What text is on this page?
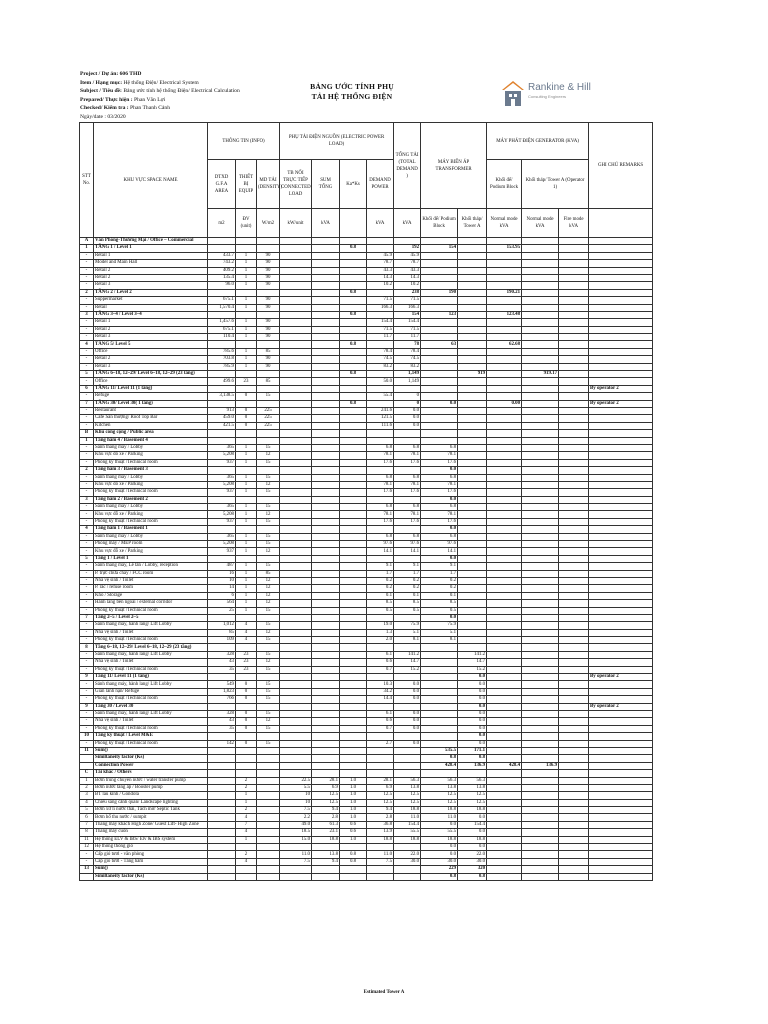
Project / Dự án: 606 THD
Item / Hạng mục: Hệ thống Điện/ Electrical System
Subject / Tiêu đề: Bảng ước tính hệ thống Điện/ Electrical Calculation
Prepared/ Thực hiện : Phan Văn Lợi
Checked/ Kiểm tra : Phan Thanh Cảnh
Ngày/date : 03/2020
BẢNG ƯỚC TÍNH PHỤ
TẢI HỆ THỐNG ĐIỆN
Rankine & Hill
Consulting Engineers
STT No.	KHU VỰC SPACE NAME	THÔNG TIN (INFO)			PHỤ TẢI ĐIỆN NGUỒN (ELECTRIC POWER LOAD)				TỔNG TẢI (TOTAL DEMAND )	MÁY BIẾN ÁP TRANSFORMER		MÁY PHÁT ĐIỆN GENERATOR (KVA)			GHI CHÚ REMARKS
		DTXD G.F.A AREA	THIẾT BỊ EQUIP	MD TẢI (DENSITY)	TB NỐI TRỰC TIẾP CONNECTED LOAD	SUM TỔNG	Ka*Ks	DEMAND POWER				Khối đế/ Podium Block	Khối tháp/ Tower A (Operator 1)		
		m2	ĐV (unit)	W/m2	kW/unit	kVA		kVA	kVA	Khối đế/ Podium Block	Khối tháp/ Tower A	Normal mode kVA	Normal mode kVA	Fire mode kVA	
A	Văn Phòng-Thương Mại / Office – Commercial														
1	TẦNG 1 / Level 1						0.8		192	154		153.95			
-	Retail 1	433.7	1	90				45.9	45.9						
-	Model and Main Hall	743.2	1	90				78.7	78.7						
-	Retail 2	409.2	1	90				43.3	43.3						
-	Retail 2	135.4	1	90				14.3	14.3						
-	Retail 3	96.0	1	90				10.2	10.2						
2	TẦNG 2 / Level 2						0.8		238	190		190.21			
-	Suppermarket	675.1	1	90				71.5	71.5						
-	Retail	1,570.4	1	90				166.3	166.3						
3	TẦNG 3~4 / Level 3~4						0.8		154	123		123.48			
-	Retail 1	1,457.6	1	90				154.4	154.4						
-	Retail 2	675.1	1	90				71.5	71.5						
-	Retail 3	110.4	1	90				11.7	11.7						
4	TẦNG 5/ Level 5						0.8		78	63		62.68			
-	Office	785.6	1	85				78.4	78.4						
-	Retail 2	703.8	1	90				74.5	74.5						
-	Retail 3	785.9	1	90				83.2	83.2						
5	TẦNG 6~18, 12~29/ Level 6~18, 12~29 (23 tầng)						0.8		1,149		919		919.17		
-	Office	499.6	23	85				50.0	1,149						
6	TẦNG 11/ Level 11 (1 tầng)														By operator 2
-	Refuge	3,138.5	0	15				55.4	0						
7	TẦNG 30/ Level 30( 1 tầng)						0.8		0	0.0		0.00			By operator 2
-	Restaurant	913	0	225				241.6	0.0						
-	Cafe Sân thượng/ Roof Top Bar	459.0	0	225				121.5	0.0						
-	Kitchen	421.5	0	225				111.6	0.0						
B	Khu công cộng / Public area														
1	Tầng hầm 4 / Basement 4														
-	Sảnh thang máy / Lobby	365	1	15				6.8	6.8	6.8					
-	Khu vực đỗ xe / Parking	5,208	1	12				78.1	78.1	78.1					
-	Phòng kỹ thuật /Technical room	937	1	15				17.6	17.6	17.6					
2	Tầng hầm 3 / Basement 3									0.0					
-	Sảnh thang máy / Lobby	365	1	15				6.8	6.8	6.8					
-	Khu vực đỗ xe / Parking	5,208	1	12				78.1	78.1	78.1					
-	Phòng kỹ thuật /Technical room	937	1	15				17.6	17.6	17.6					
3	Tầng hầm 2 / Basement 2									0.0					
-	Sảnh thang máy / Lobby	365	1	15				6.8	6.8	6.8					
-	Khu vực đỗ xe / Parking	5,208	1	12				78.1	78.1	78.1					
-	Phòng kỹ thuật /Technical room	937	1	15				17.6	17.6	17.6					
4	Tầng hầm 1 / Basement 1									0.0					
-	Sảnh thang máy / Lobby	365	1	15				6.8	6.8	6.8					
-	Phòng máy / MEP room	5,208	1	15				97.6	97.6	97.6					
-	Khu vực đỗ xe / Parking	937	1	12				14.1	14.1	14.1					
5	Tầng 1 / Level 1									0.0					
-	Sảnh thang máy, Lễ tân / Lobby, reception	487	1	15				9.1	9.1	9.1					
-	P. trực chữa cháy / FCC room	16	1	85				1.7	1.7	1.7					
-	Nhà vệ sinh / Toilet	10	1	12				0.2	0.2	0.2					
-	P. rác / refuse room	14	1	12				0.2	0.2	0.2					
-	Kho / Storage	6	1	12				0.1	0.1	0.1					
-	Hành lang bên ngoài / external corridor	564	1	12				8.5	8.5	8.5					
-	Phòng kỹ thuật /Technical room	25	1	15				0.5	0.5	0.5					
7	Tầng 2~5 / Level 2~5									0.0					
-	Sảnh thang máy, hành lang/ Lift Lobby	1,012	4	15				19.0	75.9	75.9					
-	Nhà vệ sinh / Toilet	85	4	12				1.3	5.1	5.1					
-	Phòng kỹ thuật /Technical room	109	4	15				2.0	8.1	8.1					
8	Tầng 6~18, 12~29/ Level 6~18, 12~29 (23 tầng)														
-	Sảnh thang máy, hành lang/ Lift Lobby	328	23	15				6.1	141.2		141.2				
-	Nhà vệ sinh / Toilet	43	23	12				0.6	14.7		14.7				
-	Phòng kỹ thuật /Technical room	35	23	15				0.7	15.2		15.2				
9	Tầng 11/ Level 11 (1 tầng)										0.0				By operator 2
-	Sảnh thang máy, hành lang/ Lift Lobby	549	0	15				10.3	0.0		0.0				
-	Gian lánh nạn/ Refuge	1,823	0	15				34.2	0.0		0.0				
-	Phòng kỹ thuật /Technical room	766	0	15				14.4	0.0		0.0				
9	Tầng 30 / Level 30										0.0				By operator 2
-	Sảnh thang máy, hành lang/ Lift Lobby	328	0	15				6.1	0.0		0.0				
-	Nhà vệ sinh / Toilet	43	0	12				0.6	0.0		0.0				
-	Phòng kỹ thuật /Technical room	35	0	15				0.7	0.0		0.0				
10	Tầng kỹ thuật / Level M&E										0.0				
-	Phòng kỹ thuật /Technical room	142	0	15				2.7	0.0		0.0				
11	Sum()									535.5	171.1				
	Similtaneity factor (Ks)									0.8	0.8				
	Connection Power									428.4	136.9	428.4	136.9		
C	Tải khác / Others														
1	Bơm trung chuyển nước / water transfer pump		2		22.5	28.1	1.0	28.1	56.3	56.3	56.3				
2	Bơm nước tăng áp / Booster pump		2		5.5	6.9	1.0	6.9	13.8	13.8	13.8				
3	BT lau kính / Gondola		1		10	12.5	1.0	12.5	12.5	12.5	12.5				
4	Chiếu sáng cảnh quan/ Landscape lighting		1		10	12.5	1.0	12.5	12.5	12.5	12.5				
5	Bơm xử lí nước thải, Tách mỡ/ Septic Tank		2		7.5	9.4	1.0	9.4	18.8	18.8	18.8				
6	Bơm hố thu nước / sumpit		4		2.2	2.8	1.0	2.8	11.0	11.0	0.0				
7	Thang máy khách High Zone/ Guest Lift- High Zone		7		49.0	61.3	0.6	36.8	154.4	0.0	154.4				
8	Thang máy cuốn		4		18.5	23.1	0.6	13.9	55.5	55.5	0.0				
11	Hệ thống ELV & IBS/ Elv & IBS system		1		15.0	18.8	1.0	18.8	18.8	18.8	18.8				
12	Hệ thống thông gió									0.0	0.0				
-	Cấp gió tươi - văn phòng		2		11.0	13.8	0.8	11.0	22.0	0.0	22.0				
-	Cấp gió tươi - Tầng hầm		4		7.5	9.4	0.8	7.5	30.0	30.0	30.0				
13	Sum()									229	320				
	Similtaneity factor (Ks)									0.8	0.8				
Estimated Tower A
